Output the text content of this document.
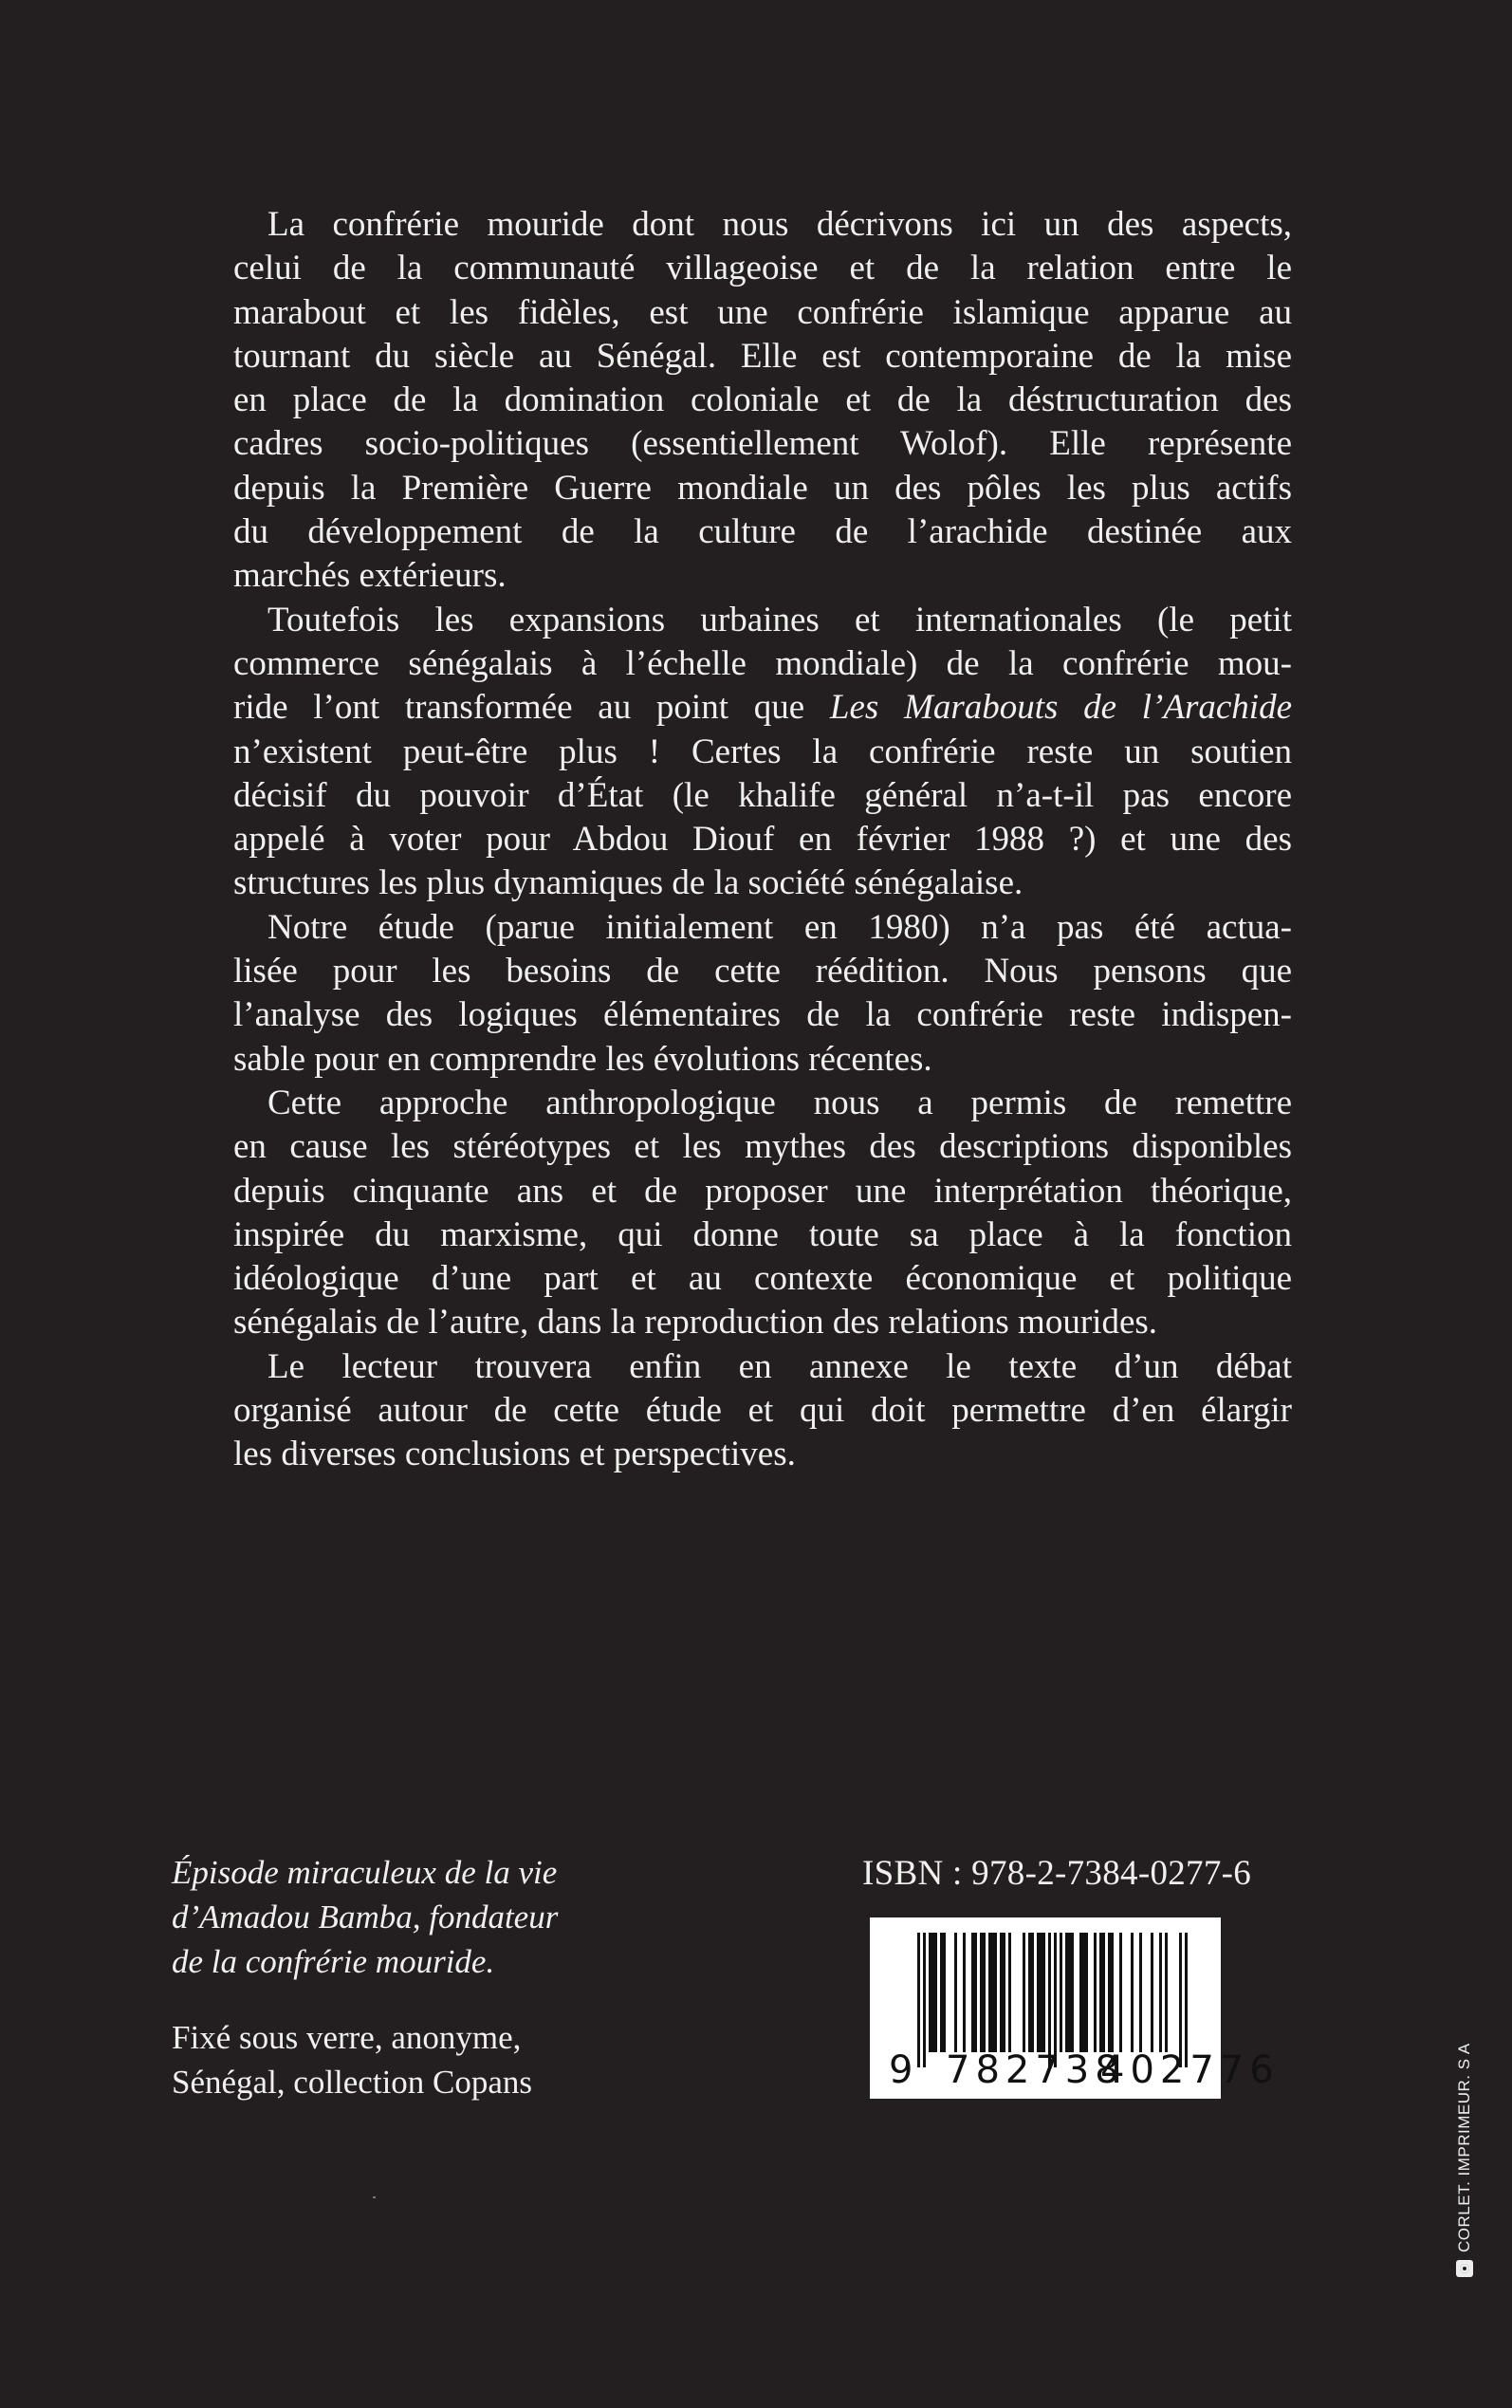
La confrérie mouride dont nous décrivons ici un des aspects,
celui de la communauté villageoise et de la relation entre le
marabout et les fidèles, est une confrérie islamique apparue au
tournant du siècle au Sénégal. Elle est contemporaine de la mise
en place de la domination coloniale et de la déstructuration des
cadres socio-politiques (essentiellement Wolof). Elle représente
depuis la Première Guerre mondiale un des pôles les plus actifs
du développement de la culture de l’arachide destinée aux
marchés extérieurs.
Toutefois les expansions urbaines et internationales (le petit
commerce sénégalais à l’échelle mondiale) de la confrérie mou-
ride l’ont transformée au point que Les Marabouts de l’Arachide
n’existent peut-être plus ! Certes la confrérie reste un soutien
décisif du pouvoir d’État (le khalife général n’a-t-il pas encore
appelé à voter pour Abdou Diouf en février 1988 ?) et une des
structures les plus dynamiques de la société sénégalaise.
Notre étude (parue initialement en 1980) n’a pas été actua-
lisée pour les besoins de cette réédition. Nous pensons que
l’analyse des logiques élémentaires de la confrérie reste indispen-
sable pour en comprendre les évolutions récentes.
Cette approche anthropologique nous a permis de remettre
en cause les stéréotypes et les mythes des descriptions disponibles
depuis cinquante ans et de proposer une interprétation théorique,
inspirée du marxisme, qui donne toute sa place à la fonction
idéologique d’une part et au contexte économique et politique
sénégalais de l’autre, dans la reproduction des relations mourides.
Le lecteur trouvera enfin en annexe le texte d’un débat
organisé autour de cette étude et qui doit permettre d’en élargir
les diverses conclusions et perspectives.
Épisode miraculeux de la vie
d’Amadou Bamba, fondateur
de la confrérie mouride.
Fixé sous verre, anonyme,
Sénégal, collection Copans
ISBN : 978-2-7384-0277-6
9 782738
402776	CORLET. IMPRIMEUR. S A
